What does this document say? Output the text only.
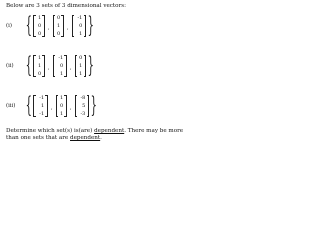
Below are 3 sets of 3 dimensional vectors:
(i) { 1
0
0
,
0
1
0
,
-1
0
1 }
(ii) { 1
1
0
,
-1
0
1
,
0
1
1 }
(iii) {	-1
1
-1
,
1
0
1
,
-8
5
-3 }
Determine which set(s) is(are) dependent. There may be more than one sets that are dependent.
